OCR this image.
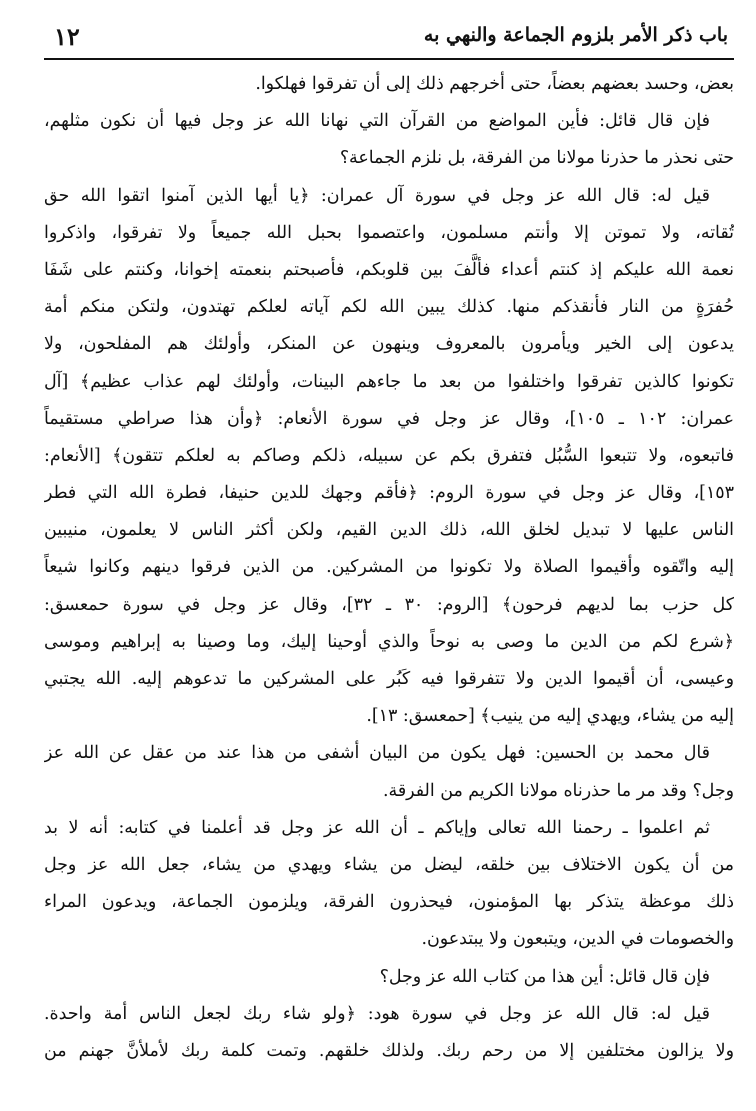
باب ذكر الأمر بلزوم الجماعة والنهي به
١٢
بعض، وحسد بعضهم بعضاً، حتى أخرجهم ذلك إلى أن تفرقوا فهلكوا.
فإن قال قائل: فأين المواضع من القرآن التي نهانا الله عز وجل فيها أن نكون مثلهم،
حتى نحذر ما حذرنا مولانا من الفرقة، بل نلزم الجماعة؟
قيل له: قال الله عز وجل في سورة آل عمران: ﴿يا أيها الذين آمنوا اتقوا الله حق
تُقاته، ولا تموتن إلا وأنتم مسلمون، واعتصموا بحبل الله جميعاً ولا تفرقوا، واذكروا
نعمة الله عليكم إذ كنتم أعداء فألَّفَ بين قلوبكم، فأصبحتم بنعمته إخوانا، وكنتم على شَفَا
حُفرَةٍ من النار فأنقذكم منها. كذلك يبين الله لكم آياته لعلكم تهتدون، ولتكن منكم أمة
يدعون إلى الخير ويأمرون بالمعروف وينهون عن المنكر، وأولئك هم المفلحون، ولا
تكونوا كالذين تفرقوا واختلفوا من بعد ما جاءهم البينات، وأولئك لهم عذاب عظيم﴾ [آل
عمران: ١٠٢ ـ ١٠٥]، وقال عز وجل في سورة الأنعام: ﴿وأن هذا صراطي مستقيماً
فاتبعوه، ولا تتبعوا السُّبُل فتفرق بكم عن سبيله، ذلكم وصاكم به لعلكم تتقون﴾ [الأنعام:
١٥٣]، وقال عز وجل في سورة الروم: ﴿فأقم وجهك للدين حنيفا، فطرة الله التي فطر
الناس عليها لا تبديل لخلق الله، ذلك الدين القيم، ولكن أكثر الناس لا يعلمون، منيبين
إليه واتّقوه وأقيموا الصلاة ولا تكونوا من المشركين. من الذين فرقوا دينهم وكانوا شيعاً
كل حزب بما لديهم فرحون﴾ [الروم: ٣٠ ـ ٣٢]، وقال عز وجل في سورة حمعسق:
﴿شرع لكم من الدين ما وصى به نوحاً والذي أوحينا إليك، وما وصينا به إبراهيم وموسى
وعيسى، أن أقيموا الدين ولا تتفرقوا فيه كَبُر على المشركين ما تدعوهم إليه. الله يجتبي
إليه من يشاء، ويهدي إليه من ينيب﴾ [حمعسق: ١٣].
قال محمد بن الحسين: فهل يكون من البيان أشفى من هذا عند من عقل عن الله عز
وجل؟ وقد مر ما حذرناه مولانا الكريم من الفرقة.
ثم اعلموا ـ رحمنا الله تعالى وإياكم ـ أن الله عز وجل قد أعلمنا في كتابه: أنه لا بد
من أن يكون الاختلاف بين خلقه، ليضل من يشاء ويهدي من يشاء، جعل الله عز وجل
ذلك موعظة يتذكر بها المؤمنون، فيحذرون الفرقة، ويلزمون الجماعة، ويدعون المراء
والخصومات في الدين، ويتبعون ولا يبتدعون.
فإن قال قائل: أين هذا من كتاب الله عز وجل؟
قيل له: قال الله عز وجل في سورة هود: ﴿ولو شاء ربك لجعل الناس أمة واحدة.
ولا يزالون مختلفين إلا من رحم ربك. ولذلك خلقهم. وتمت كلمة ربك لأملأنَّ جهنم من
